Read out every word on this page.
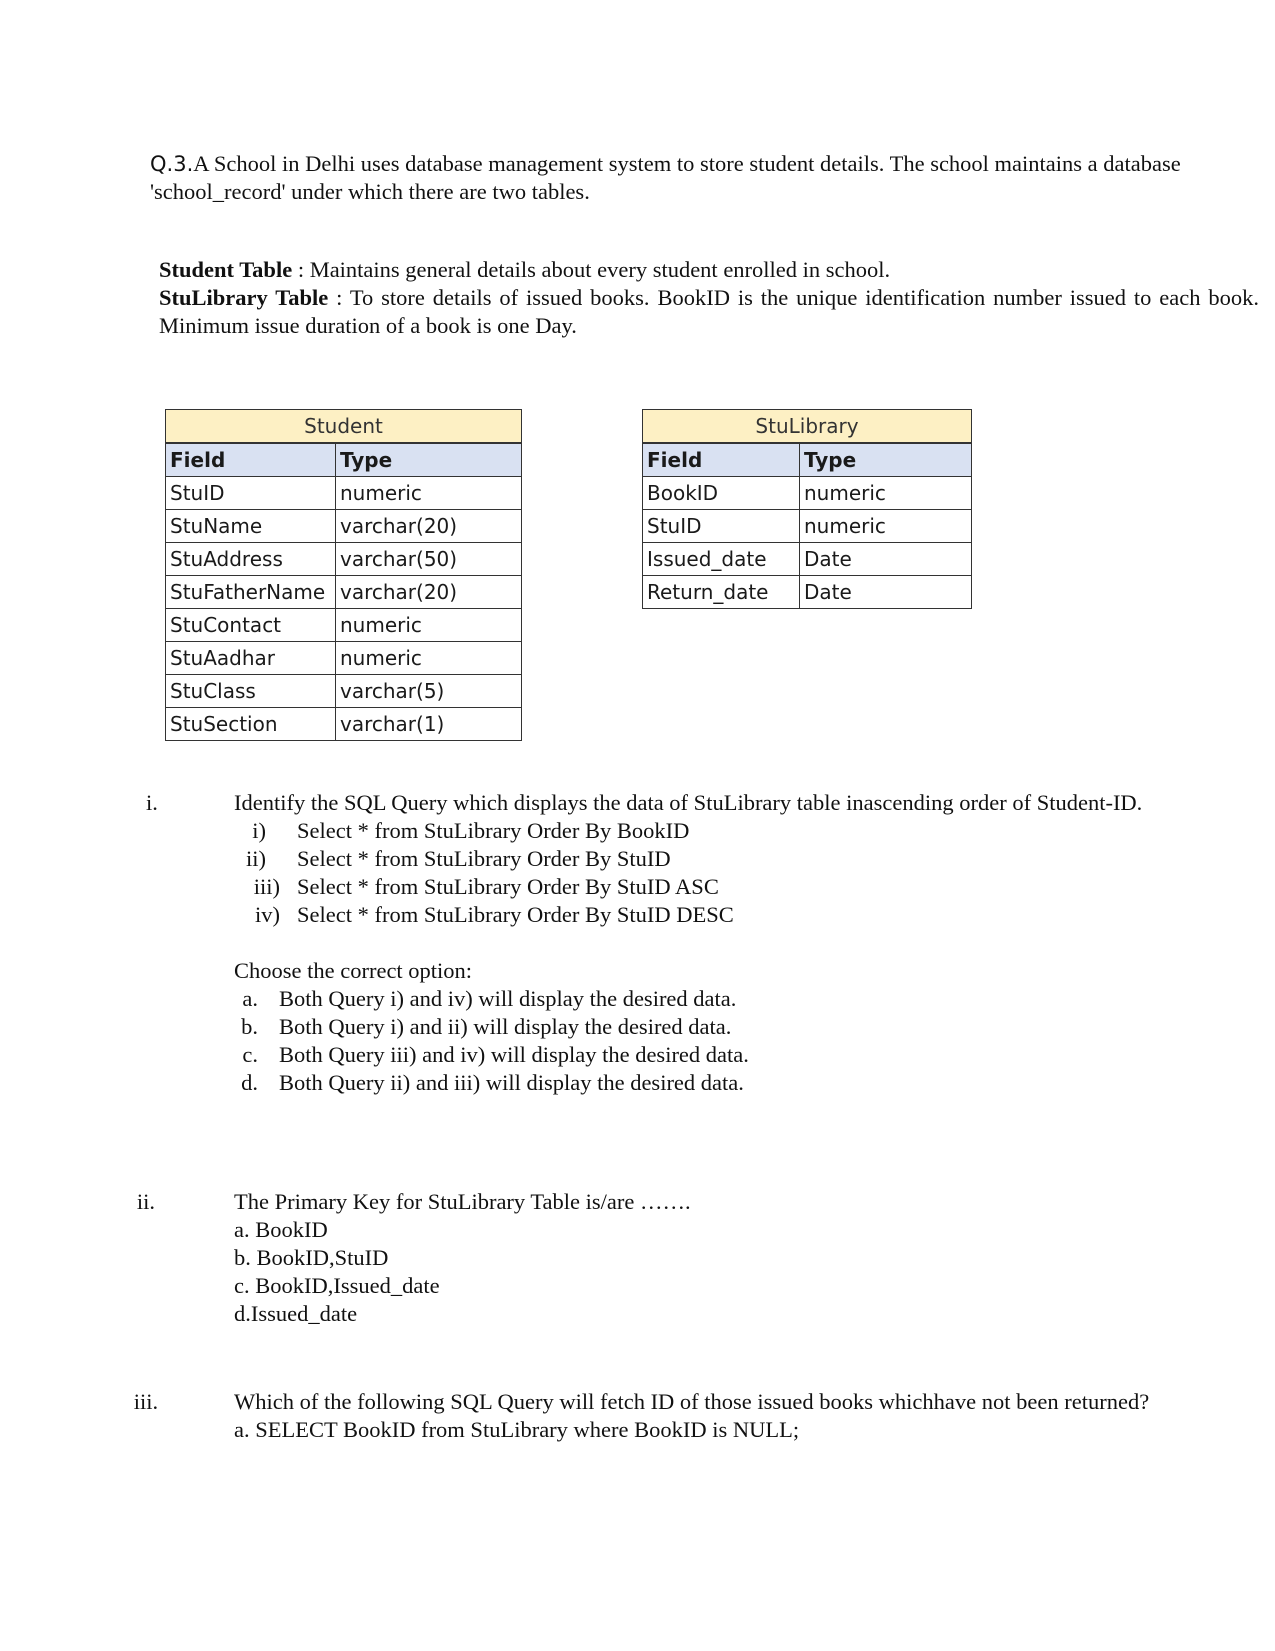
Q.3.A School in Delhi uses database management system to store student details. The school maintains a database 'school_record' under which there are two tables.

Student Table : Maintains general details about every student enrolled in school.

StuLibrary Table : To store details of issued books. BookID is the unique identification number issued to each book. Minimum issue duration of a book is one Day.

Student	
Field	Type
StuID	numeric
StuName	varchar(20)
StuAddress	varchar(50)
StuFatherName	varchar(20)
StuContact	numeric
StuAadhar	numeric
StuClass	varchar(5)
StuSection	varchar(1)
StuLibrary	
Field	Type
BookID	numeric
StuID	numeric
Issued_date	Date
Return_date	Date
i.	Identify the SQL Query which displays the data of StuLibrary table inascending order of Student-ID.

i) Select * from StuLibrary Order By BookID
ii) Select * from StuLibrary Order By StuID
iii) Select * from StuLibrary Order By StuID ASC
iv) Select * from StuLibrary Order By StuID DESC

Choose the correct option:

a. Both Query i) and iv) will display the desired data.
b. Both Query i) and ii) will display the desired data.
c. Both Query iii) and iv) will display the desired data.
d. Both Query ii) and iii) will display the desired data.
ii.	The Primary Key for StuLibrary Table is/are …….

a. BookID

b. BookID,StuID

c. BookID,Issued_date

d.Issued_date

iii.	Which of the following SQL Query will fetch ID of those issued books whichhave not been returned?

a. SELECT BookID from StuLibrary where BookID is NULL;
